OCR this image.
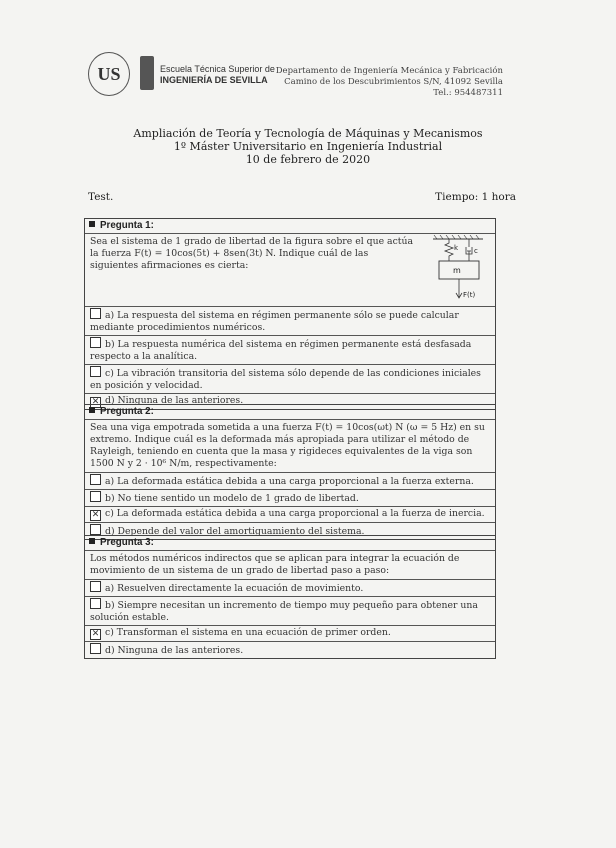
US	Escuela Técnica Superior de
INGENIERÍA DE SEVILLA
Departamento de Ingeniería Mecánica y Fabricación
Camino de los Descubrimientos S/N, 41092 Sevilla
Tel.: 954487311
Ampliación de Teoría y Tecnología de Máquinas y Mecanismos
1º Máster Universitario en Ingeniería Industrial
10 de febrero de 2020
Test.	Tiempo: 1 hora
Pregunta 1:
Sea el sistema de 1 grado de libertad de la figura sobre el que actúa la fuerza F(t) = 10cos(5t) + 8sen(3t) N. Indique cuál de las siguientes afirmaciones es cierta:	m
k c
F(t)
a) La respuesta del sistema en régimen permanente sólo se puede calcular mediante procedimientos numéricos.
b) La respuesta numérica del sistema en régimen permanente está desfasada respecto a la analítica.
c) La vibración transitoria del sistema sólo depende de las condiciones iniciales en posición y velocidad.
✕ d) Ninguna de las anteriores.
Pregunta 2:
Sea una viga empotrada sometida a una fuerza F(t) = 10cos(ωt) N (ω = 5 Hz) en su extremo. Indique cuál es la deformada más apropiada para utilizar el método de Rayleigh, teniendo en cuenta que la masa y rigideces equivalentes de la viga son 1500 N y 2 · 10⁶ N/m, respectivamente:
a) La deformada estática debida a una carga proporcional a la fuerza externa.
b) No tiene sentido un modelo de 1 grado de libertad.
✕ c) La deformada estática debida a una carga proporcional a la fuerza de inercia.
d) Depende del valor del amortiguamiento del sistema.
Pregunta 3:
Los métodos numéricos indirectos que se aplican para integrar la ecuación de movimiento de un sistema de un grado de libertad paso a paso:
a) Resuelven directamente la ecuación de movimiento.
b) Siempre necesitan un incremento de tiempo muy pequeño para obtener una solución estable.
✕ c) Transforman el sistema en una ecuación de primer orden.
d) Ninguna de las anteriores.
